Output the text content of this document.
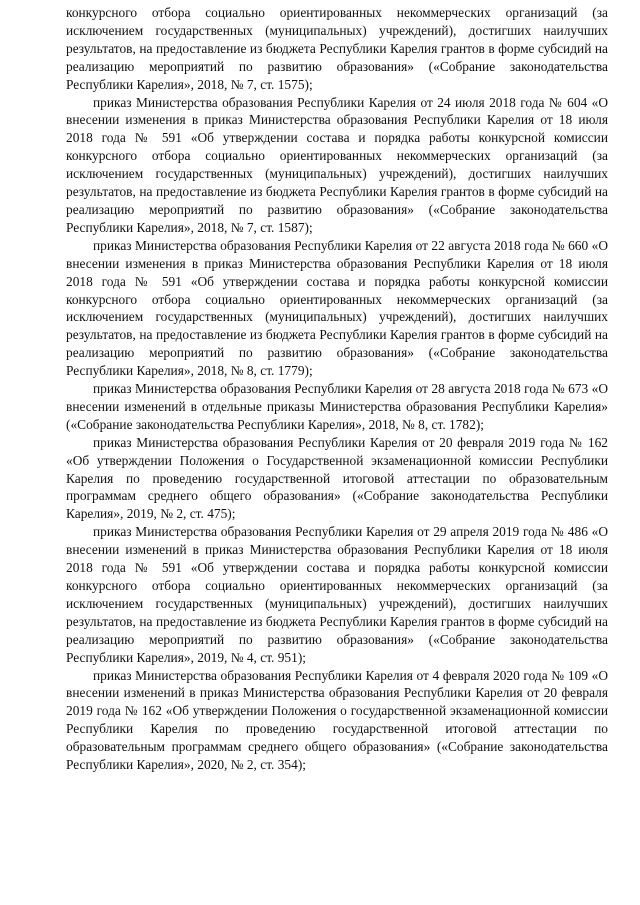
конкурсного отбора социально ориентированных некоммерческих организаций (за исключением государственных (муниципальных) учреждений), достигших наилучших результатов, на предоставление из бюджета Республики Карелия грантов в форме субсидий на реализацию мероприятий по развитию образования» («Собрание законодательства Республики Карелия», 2018, № 7, ст. 1575);

приказ Министерства образования Республики Карелия от 24 июля 2018 года № 604 «О внесении изменения в приказ Министерства образования Республики Карелия от 18 июля 2018 года № 591 «Об утверждении состава и порядка работы конкурсной комиссии конкурсного отбора социально ориентированных некоммерческих организаций (за исключением государственных (муниципальных) учреждений), достигших наилучших результатов, на предоставление из бюджета Республики Карелия грантов в форме субсидий на реализацию мероприятий по развитию образования» («Собрание законодательства Республики Карелия», 2018, № 7, ст. 1587);

приказ Министерства образования Республики Карелия от 22 августа 2018 года № 660 «О внесении изменения в приказ Министерства образования Республики Карелия от 18 июля 2018 года № 591 «Об утверждении состава и порядка работы конкурсной комиссии конкурсного отбора социально ориентированных некоммерческих организаций (за исключением государственных (муниципальных) учреждений), достигших наилучших результатов, на предоставление из бюджета Республики Карелия грантов в форме субсидий на реализацию мероприятий по развитию образования» («Собрание законодательства Республики Карелия», 2018, № 8, ст. 1779);

приказ Министерства образования Республики Карелия от 28 августа 2018 года № 673 «О внесении изменений в отдельные приказы Министерства образования Республики Карелия» («Собрание законодательства Республики Карелия», 2018, № 8, ст. 1782);

приказ Министерства образования Республики Карелия от 20 февраля 2019 года № 162 «Об утверждении Положения о Государственной экзаменационной комиссии Республики Карелия по проведению государственной итоговой аттестации по образовательным программам среднего общего образования» («Собрание законодательства Республики Карелия», 2019, № 2, ст. 475);

приказ Министерства образования Республики Карелия от 29 апреля 2019 года № 486 «О внесении изменений в приказ Министерства образования Республики Карелия от 18 июля 2018 года № 591 «Об утверждении состава и порядка работы конкурсной комиссии конкурсного отбора социально ориентированных некоммерческих организаций (за исключением государственных (муниципальных) учреждений), достигших наилучших результатов, на предоставление из бюджета Республики Карелия грантов в форме субсидий на реализацию мероприятий по развитию образования» («Собрание законодательства Республики Карелия», 2019, № 4, ст. 951);

приказ Министерства образования Республики Карелия от 4 февраля 2020 года № 109 «О внесении изменений в приказ Министерства образования Республики Карелия от 20 февраля 2019 года № 162 «Об утверждении Положения о государственной экзаменационной комиссии Республики Карелия по проведению государственной итоговой аттестации по образовательным программам среднего общего образования» («Собрание законодательства Республики Карелия», 2020, № 2, ст. 354);
